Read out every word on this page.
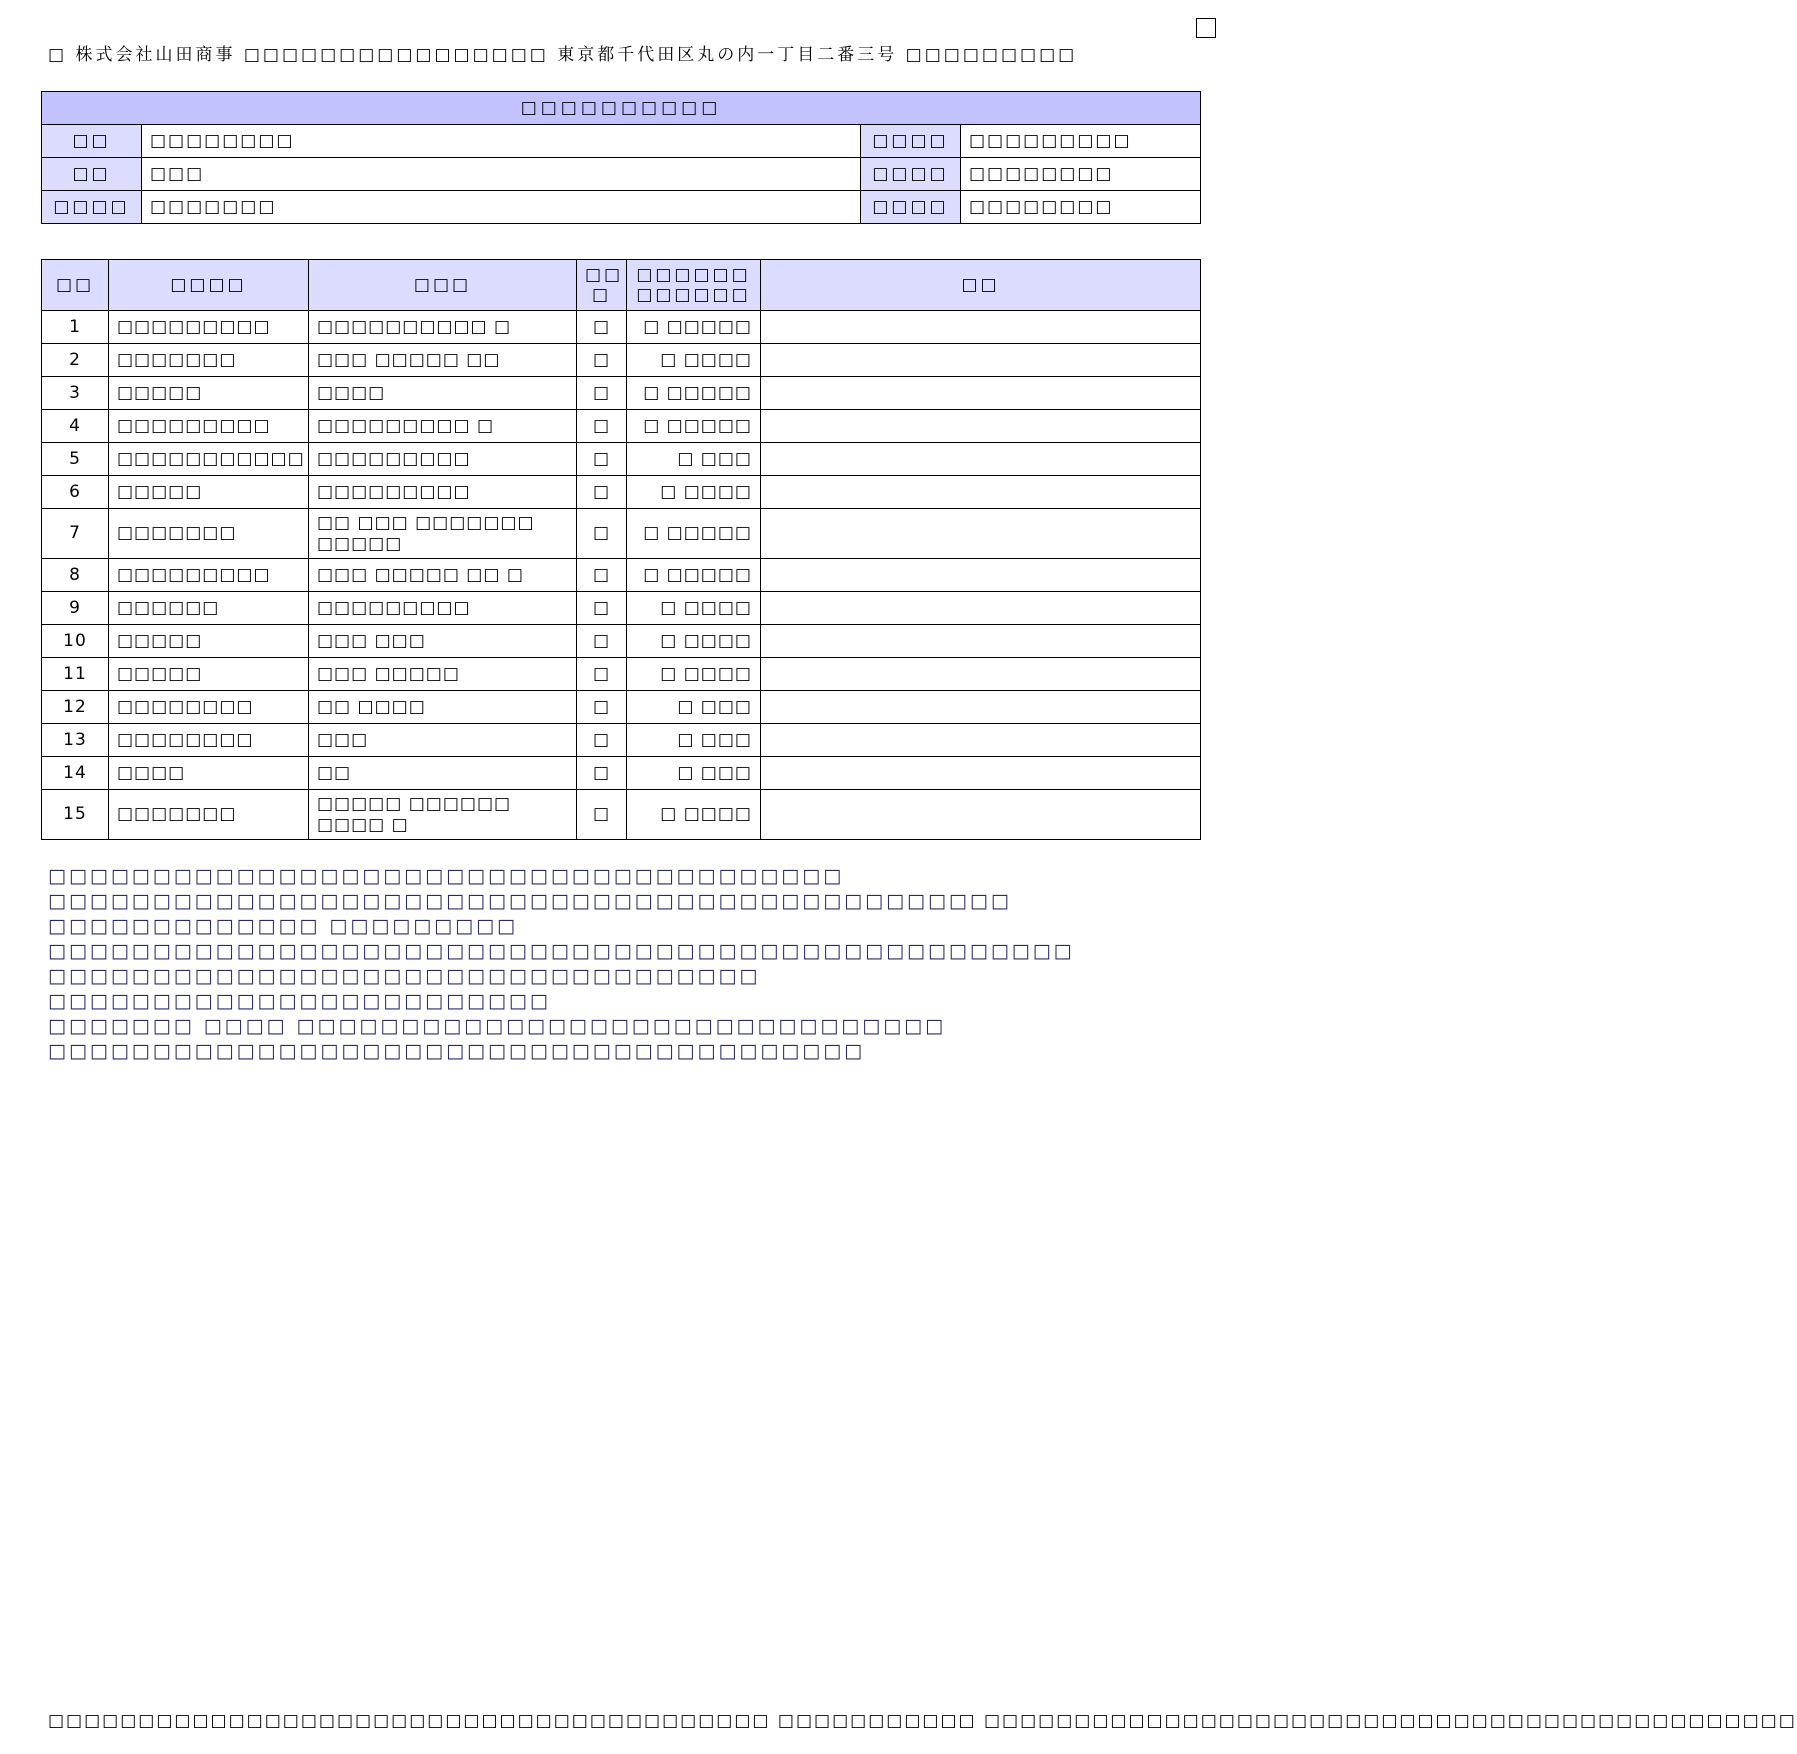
□ 株式会社山田商事 □□□□□□□□□□□□□□□□ 東京都千代田区丸の内一丁目二番三号 □□□□□□□□□
□□□□□□□□□□			
□□	□□□□□□□□	□□□□	□□□□□□□□□
□□	□□□	□□□□	□□□□□□□□
□□□□	□□□□□□□	□□□□	□□□□□□□□
□□	□□□□	□□□	□□ □	□□□□□□ □□□□□□	□□
1	□□□□□□□□□	□□□□□□□□□□ □	□	□ □□□□□	
2	□□□□□□□	□□□ □□□□□ □□	□	□ □□□□	
3	□□□□□	□□□□	□	□ □□□□□	
4	□□□□□□□□□	□□□□□□□□□ □	□	□ □□□□□	
5	□□□□□□□□□□□	□□□□□□□□□	□	□ □□□	
6	□□□□□	□□□□□□□□□	□	□ □□□□	
7	□□□□□□□	□□ □□□ □□□□□□□ □□□□□	□	□ □□□□□	
8	□□□□□□□□□	□□□ □□□□□ □□ □	□	□ □□□□□	
9	□□□□□□	□□□□□□□□□	□	□ □□□□	
10	□□□□□	□□□ □□□	□	□ □□□□	
11	□□□□□	□□□ □□□□□	□	□ □□□□	
12	□□□□□□□□	□□ □□□□	□	□ □□□	
13	□□□□□□□□	□□□	□	□ □□□	
14	□□□□	□□	□	□ □□□	
15	□□□□□□□	□□□□□ □□□□□□ □□□□ □	□	□ □□□□	
□□□□□□□□□□□□□□□□□□□□□□□□□□□□□□□□□□□□□□
□□□□□□□□□□□□□□□□□□□□□□□□□□□□□□□□□□□□□□□□□□□□□□
□□□□□□□□□□□□□ □□□□□□□□□
□□□□□□□□□□□□□□□□□□□□□□□□□□□□□□□□□□□□□□□□□□□□□□□□□
□□□□□□□□□□□□□□□□□□□□□□□□□□□□□□□□□□
□□□□□□□□□□□□□□□□□□□□□□□□
□□□□□□□ □□□□ □□□□□□□□□□□□□□□□□□□□□□□□□□□□□□□
□□□□□□□□□□□□□□□□□□□□□□□□□□□□□□□□□□□□□□□
□□□□□□□□□□□□□□□□□□□□□□□□□□□□□□□□□□□□□□□□ □□□□□□□□□□□ □□□□□□□□□□□□□□□□□□□□□□□□□□□□□□□□□□□□□□□□□□□□□
